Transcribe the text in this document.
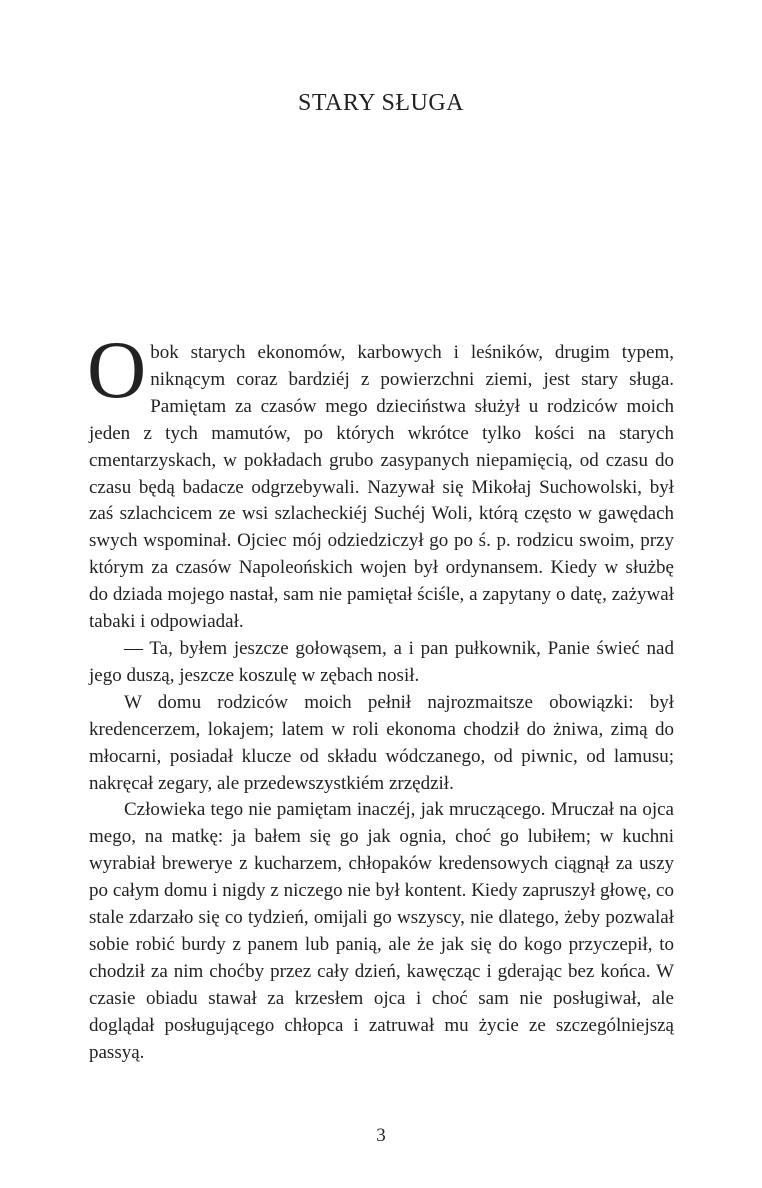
STARY SŁUGA

Obok starych ekonomów, karbowych i leśników, drugim typem, niknącym coraz bardziéj z powierzchni ziemi, jest stary sługa. Pamiętam za czasów mego dzieciństwa służył u rodziców moich jeden z tych mamutów, po których wkrótce tylko kości na starych cmentarzyskach, w pokładach grubo zasypanych niepamięcią, od czasu do czasu będą badacze odgrzebywali. Nazywał się Mikołaj Suchowolski, był zaś szlachcicem ze wsi szlacheckiéj Suchéj Woli, którą często w gawędach swych wspominał. Ojciec mój odziedziczył go po ś. p. rodzicu swoim, przy którym za czasów Napoleońskich wojen był ordynansem. Kiedy w służbę do dziada mojego nastał, sam nie pamiętał ściśle, a zapytany o datę, zażywał tabaki i odpowiadał.

— Ta, byłem jeszcze gołowąsem, a i pan pułkownik, Panie świeć nad jego duszą, jeszcze koszulę w zębach nosił.

W domu rodziców moich pełnił najrozmaitsze obowiązki: był kredencerzem, lokajem; latem w roli ekonoma chodził do żniwa, zimą do młocarni, posiadał klucze od składu wódczanego, od piwnic, od lamusu; nakręcał zegary, ale przedewszystkiém zrzędził.

Człowieka tego nie pamiętam inaczéj, jak mruczącego. Mruczał na ojca mego, na matkę: ja bałem się go jak ognia, choć go lubiłem; w kuchni wyrabiał brewerye z kucharzem, chłopaków kredensowych ciągnął za uszy po całym domu i nigdy z niczego nie był kontent. Kiedy zapruszył głowę, co stale zdarzało się co tydzień, omijali go wszyscy, nie dlatego, żeby pozwalał sobie robić burdy z panem lub panią, ale że jak się do kogo przyczepił, to chodził za nim choćby przez cały dzień, kawęcząc i gderając bez końca. W czasie obiadu stawał za krzesłem ojca i choć sam nie posługiwał, ale doglądał posługującego chłopca i zatruwał mu życie ze szczególniejszą passyą.

3
